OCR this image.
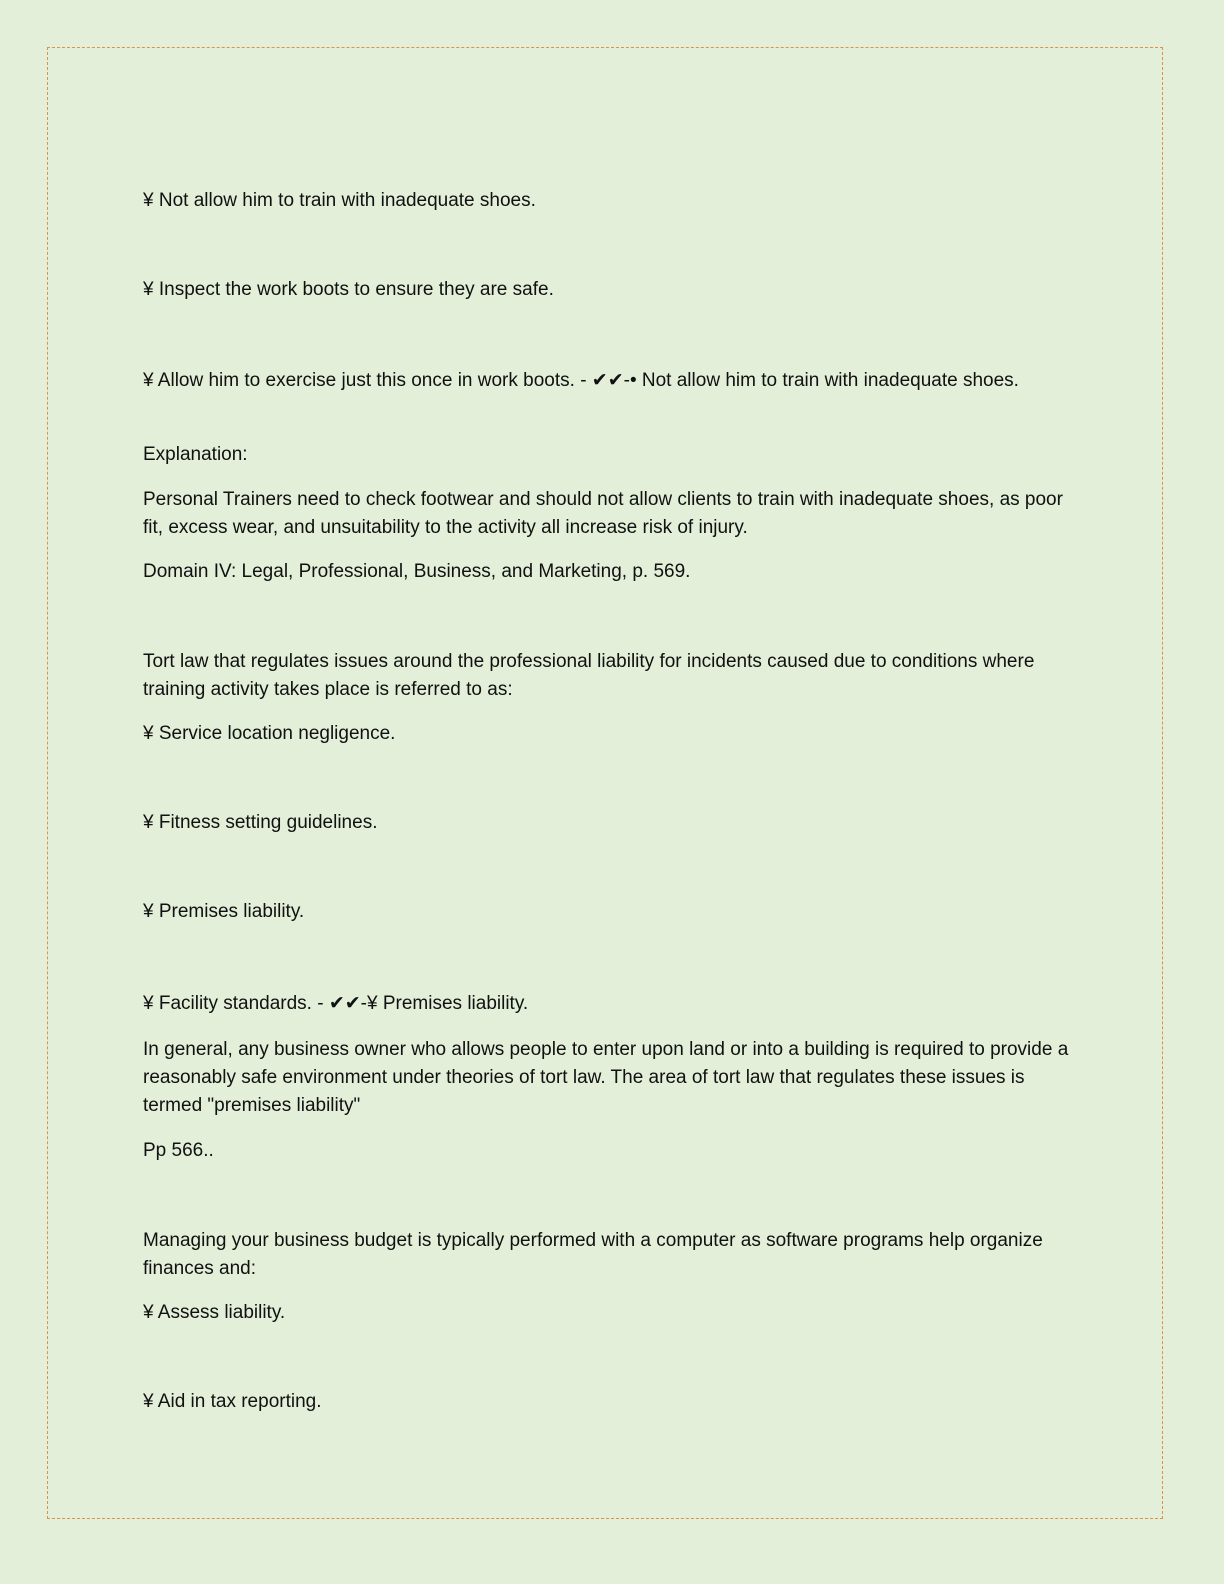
¥ Not allow him to train with inadequate shoes.

¥ Inspect the work boots to ensure they are safe.

¥ Allow him to exercise just this once in work boots. - ✔✔-• Not allow him to train with inadequate shoes.

Explanation:

Personal Trainers need to check footwear and should not allow clients to train with inadequate shoes, as poor fit, excess wear, and unsuitability to the activity all increase risk of injury.

Domain IV: Legal, Professional, Business, and Marketing, p. 569.

Tort law that regulates issues around the professional liability for incidents caused due to conditions where training activity takes place is referred to as:

¥ Service location negligence.

¥ Fitness setting guidelines.

¥ Premises liability.

¥ Facility standards. - ✔✔-¥ Premises liability.

In general, any business owner who allows people to enter upon land or into a building is required to provide a reasonably safe environment under theories of tort law. The area of tort law that regulates these issues is termed "premises liability"

Pp 566..

Managing your business budget is typically performed with a computer as software programs help organize finances and:

¥ Assess liability.

¥ Aid in tax reporting.
